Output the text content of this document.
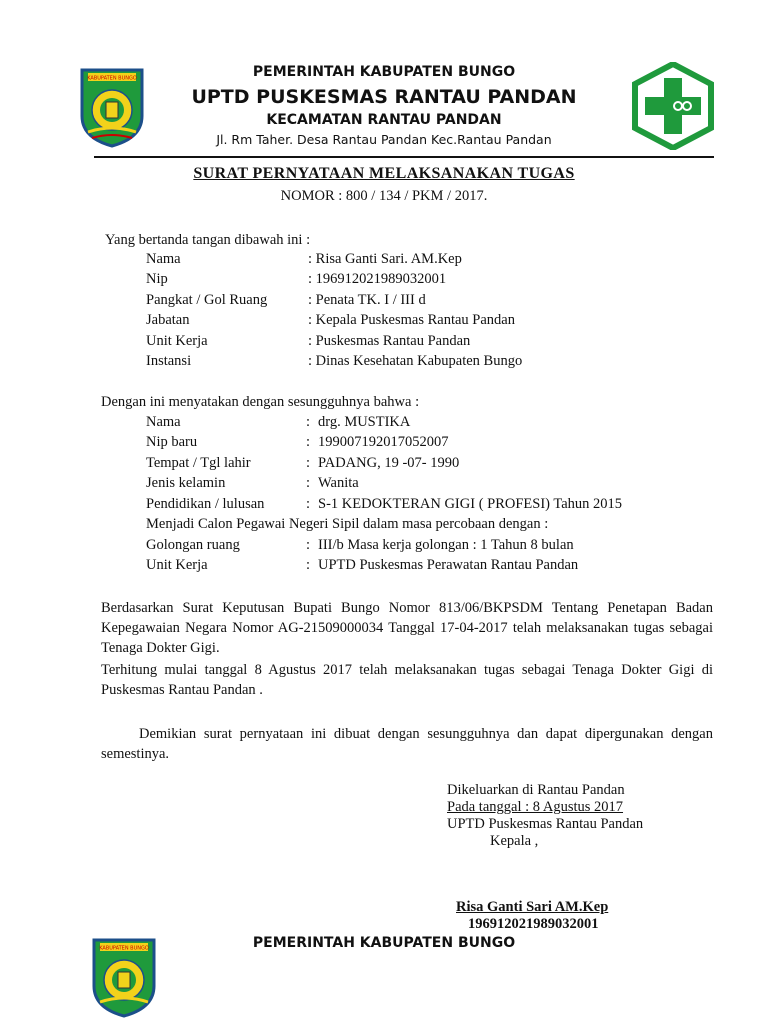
KABUPATEN BUNGO	PEMERINTAH KABUPATEN BUNGO
UPTD PUSKESMAS RANTAU PANDAN
KECAMATAN RANTAU PANDAN
Jl. Rm Taher. Desa Rantau Pandan Kec.Rantau Pandan
SURAT PERNYATAAN MELAKSANAKAN TUGAS
NOMOR : 800 / 134 / PKM / 2017.
Yang bertanda tangan dibawah ini :
Nama	: Risa Ganti Sari. AM.Kep
Nip	: 196912021989032001
Pangkat / Gol Ruang	: Penata TK. I / III d
Jabatan	: Kepala Puskesmas Rantau Pandan
Unit Kerja	: Puskesmas Rantau Pandan
Instansi	: Dinas Kesehatan Kabupaten Bungo
Dengan ini menyatakan dengan sesungguhnya bahwa :
Nama	: drg. MUSTIKA
Nip baru	: 199007192017052007
Tempat / Tgl lahir	: PADANG, 19 -07- 1990
Jenis kelamin	: Wanita
Pendidikan / lulusan	: S-1 KEDOKTERAN GIGI ( PROFESI) Tahun 2015
Menjadi Calon Pegawai Negeri Sipil dalam masa percobaan dengan :
Golongan ruang	: III/b Masa kerja golongan : 1 Tahun 8 bulan
Unit Kerja	: UPTD Puskesmas Perawatan Rantau Pandan
Berdasarkan Surat Keputusan Bupati Bungo Nomor 813/06/BKPSDM Tentang Penetapan Badan Kepegawaian Negara Nomor AG-21509000034 Tanggal 17-04-2017 telah melaksanakan tugas sebagai Tenaga Dokter Gigi.
Terhitung mulai tanggal 8 Agustus 2017 telah melaksanakan tugas sebagai Tenaga Dokter Gigi di Puskesmas Rantau Pandan .
Demikian surat pernyataan ini dibuat dengan sesungguhnya dan dapat dipergunakan dengan semestinya.
Dikeluarkan di Rantau Pandan
Pada tanggal : 8 Agustus 2017
UPTD Puskesmas Rantau Pandan
Kepala ,
Risa Ganti Sari AM.Kep
196912021989032001
KABUPATEN BUNGO	PEMERINTAH KABUPATEN BUNGO
